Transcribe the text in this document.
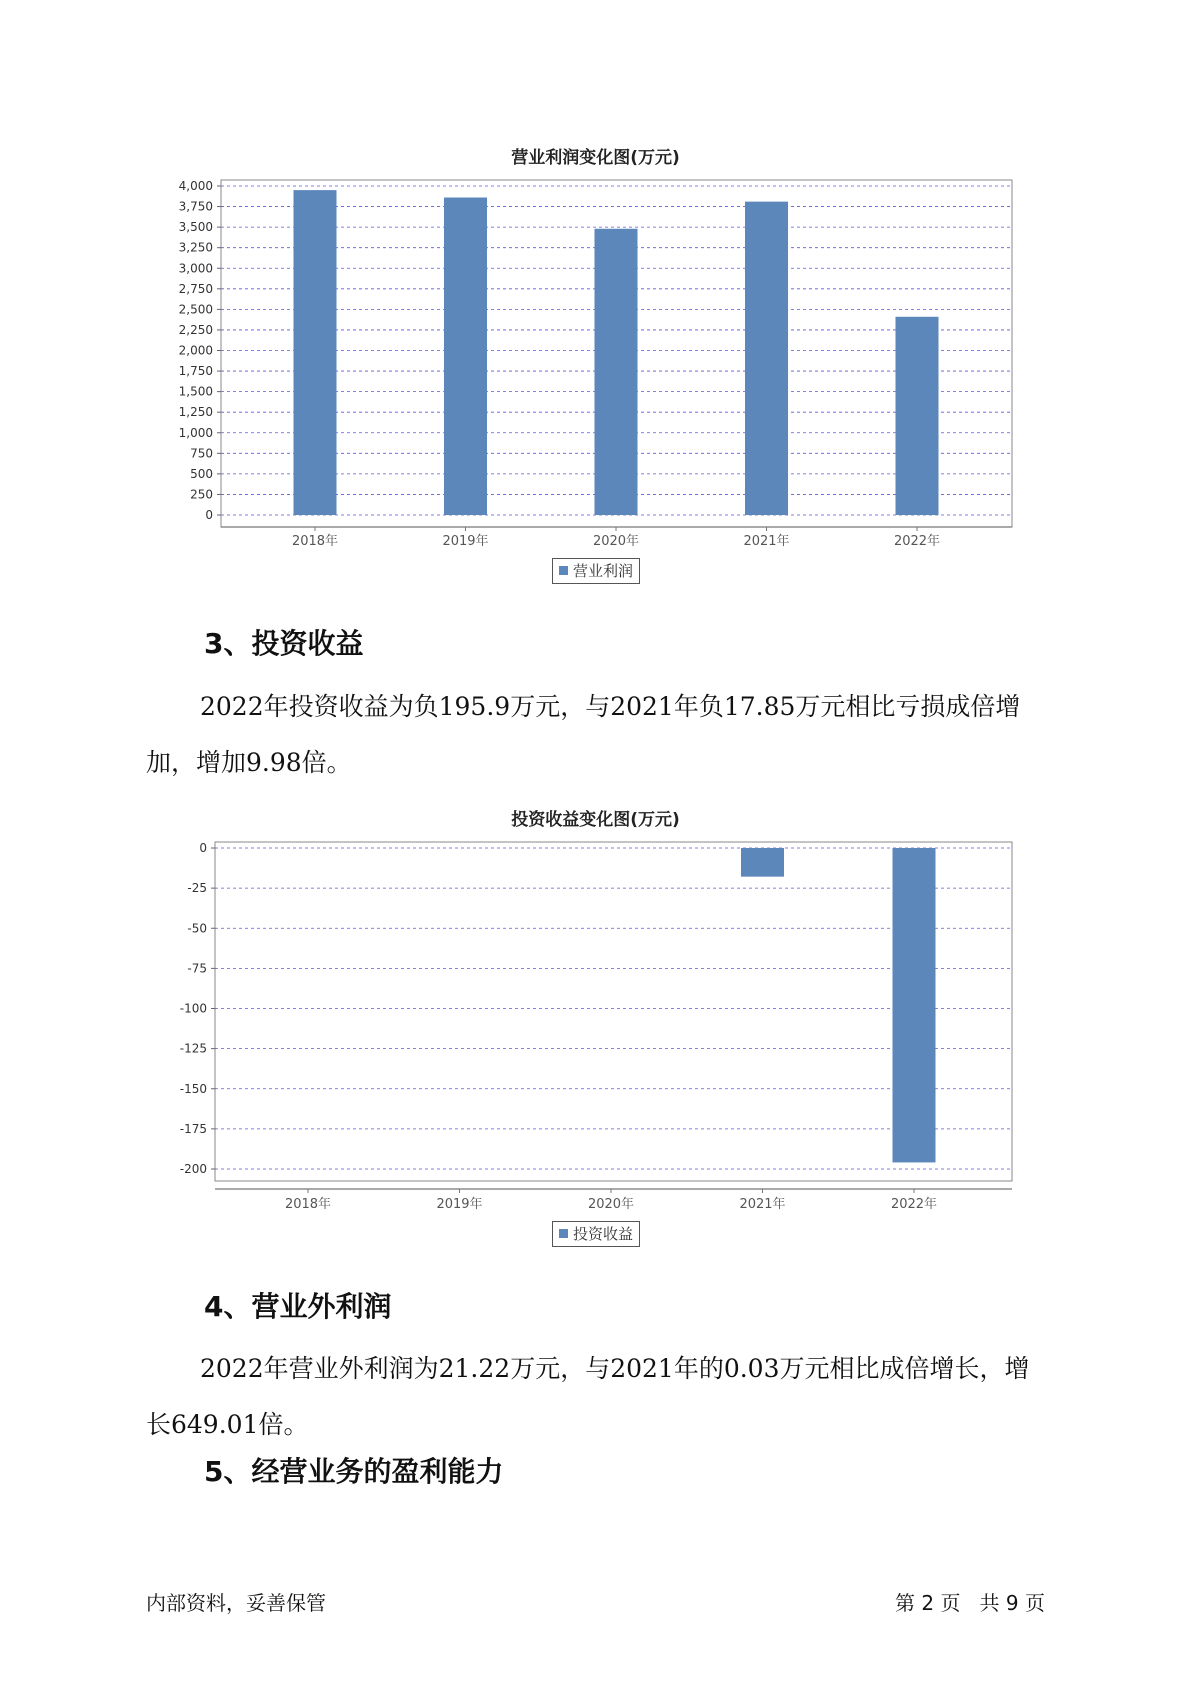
营业利润变化图(万元)
0
250
500
750
1,000
1,250
1,500
1,750
2,000
2,250
2,500
2,750
3,000
3,250
3,500
3,750
4,000
2018年	2019年	2020年	2021年	2022年
营业利润
3、投资收益

2022年投资收益为负195.9万元，与2021年负17.85万元相比亏损成倍增加，增加9.98倍。

投资收益变化图(万元)
0
-25
-50
-75
-100
-125
-150
-175
-200
2018年	2019年	2020年	2021年	2022年
投资收益
4、营业外利润

2022年营业外利润为21.22万元，与2021年的0.03万元相比成倍增长，增长649.01倍。

5、经营业务的盈利能力
内部资料，妥善保管	第 2 页   共 9 页
